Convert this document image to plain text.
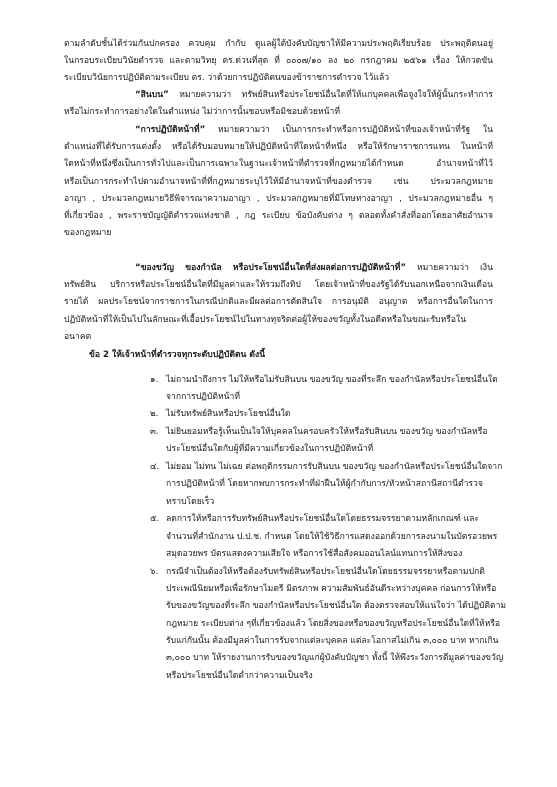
ตามลำดับชั้นได้ร่วมกันปกครอง ควบคุม กำกับ ดูแลผู้ใต้บังคับบัญชาให้มีความประพฤติเรียบร้อย ประพฤติตนอยู่
ในกรอบระเบียบวินัยตำรวจ และตามวิทยุ ตร.ด่วนที่สุด ที่ ๐๐๐๗/๑๐ ลง ๒๐ กรกฎาคม ๒๕๖๑ เรื่อง ให้กวดขัน
ระเบียบวินัยการปฏิบัติตามระเบียบ ตร. ว่าด้วยการปฏิบัติตนของข้าราชการตำรวจ ไว้แล้ว
“สินบน” หมายความว่า ทรัพย์สินหรือประโยชน์อื่นใดที่ให้แก่บุคคลเพื่อจูงใจให้ผู้นั้นกระทำการ
หรือไม่กระทำการอย่างใดในตำแหน่ง ไม่ว่าการนั้นชอบหรือมิชอบด้วยหน้าที่
“การปฏิบัติหน้าที่” หมายความว่า เป็นการกระทำหรือการปฏิบัติหน้าที่ของเจ้าหน้าที่รัฐ ใน
ตำแหน่งที่ได้รับการแต่งตั้ง หรือได้รับมอบหมายให้ปฏิบัติหน้าที่ใดหน้าที่หนึ่ง หรือให้รักษาราชการแทน ในหน้าที่
ใดหน้าที่หนึ่งซึ่งเป็นการทั่วไปและเป็นการเฉพาะในฐานะเจ้าหน้าที่ตำรวจที่กฎหมายได้กำหนด อำนาจหน้าที่ไว้
หรือเป็นการกระทำไปตามอำนาจหน้าที่ที่กฎหมายระบุไว้ให้มีอำนาจหน้าที่ของตำรวจ เช่น ประมวลกฎหมาย
อาญา , ประมวลกฎหมายวิธีพิจารณาความอาญา , ประมวลกฎหมายที่มีโทษทางอาญา , ประมวลกฎหมายอื่น ๆ
ที่เกี่ยวข้อง , พระราชบัญญัติตำรวจแห่งชาติ , กฎ ระเบียบ ข้อบังคับต่าง ๆ ตลอดทั้งคำสั่งที่ออกโดยอาศัยอำนาจ
ของกฎหมาย
“ของขวัญ ของกำนัล หรือประโยชน์อื่นใดที่ส่งผลต่อการปฏิบัติหน้าที่” หมายความว่า เงิน
ทรัพย์สิน บริการหรือประโยชน์อื่นใดที่มีมูลค่าและให้รวมถึงทิป โดยเจ้าหน้าที่ของรัฐได้รับนอกเหนือจากเงินเดือน
รายได้ ผลประโยชน์จากราชการในกรณีปกติและมีผลต่อการตัดสินใจ การอนุมัติ อนุญาต หรือการอื่นใดในการ
ปฏิบัติหน้าที่ให้เป็นไปในลักษณะที่เอื้อประโยชน์ไปในทางทุจริตต่อผู้ให้ของขวัญทั้งในอดีตหรือในขณะรับหรือใน
อนาคต
ข้อ 2 ให้เจ้าหน้าที่ตำรวจทุกระดับปฏิบัติตน ดังนี้
๑. ไม่ถามนำถึงการ ไม่ให้หรือไม่รับสินบน ของขวัญ ของที่ระลึก ของกำนัลหรือประโยชน์อื่นใด
จากการปฏิบัติหน้าที่
๒. ไม่รับทรัพย์สินหรือประโยชน์อื่นใด
๓. ไม่ยินยอมหรือรู้เห็นเป็นใจให้บุคคลในครอบครัวให้หรือรับสินบน ของขวัญ ของกำนัลหรือ
ประโยชน์อื่นใดกับผู้ที่มีความเกี่ยวข้องในการปฏิบัติหน้าที่
๔. ไม่ยอม ไม่ทน ไม่เฉย ต่อพฤติกรรมการรับสินบน ของขวัญ ของกำนัลหรือประโยชน์อื่นใดจาก
การปฏิบัติหน้าที่ โดยหากพบการกระทำที่ฝ่าฝืนให้ผู้กำกับการ/หัวหน้าสถานีสถานีตำรวจ
ทราบโดยเร็ว
๕. ลดการให้หรือการรับทรัพย์สินหรือประโยชน์อื่นใดโดยธรรมจรรยาตามหลักเกณฑ์ และ
จำนวนที่สำนักงาน ป.ป.ช. กำหนด โดยให้ใช้วิธีการแสดงออกด้วยการลงนามในบัตรอวยพร
สมุดอวยพร บัตรแสดงความเสียใจ หรือการใช้สื่อสังคมออนไลน์แทนการให้สิ่งของ
๖. กรณีจำเป็นต้องให้หรือต้องรับทรัพย์สินหรือประโยชน์อื่นใดโดยธรรมจรรยาหรือตามปกติ
ประเพณีนิยมหรือเพื่อรักษาไมตรี มิตรภาพ ความสัมพันธ์อันดีระหว่างบุคคล ก่อนการให้หรือ
รับของขวัญของที่ระลึก ของกำนัลหรือประโยชน์อื่นใด ต้องตรวจสอบให้แน่ใจว่า ได้ปฏิบัติตาม
กฎหมาย ระเบียบต่าง ๆที่เกี่ยวข้องแล้ว โดยสิ่งของหรือของขวัญหรือประโยชน์อื่นใดที่ให้หรือ
รับแก่กันนั้น ต้องมีมูลค่าในการรับจากแต่ละบุคคล แต่ละโอกาสไม่เกิน ๓,๐๐๐ บาท หากเกิน
๓,๐๐๐ บาท ให้รายงานการรับของขวัญแก่ผู้บังคับบัญชา ทั้งนี้ ให้พึงระวังการตีมูลค่าของขวัญ
หรือประโยชน์อื่นใดต่ำกว่าความเป็นจริง
